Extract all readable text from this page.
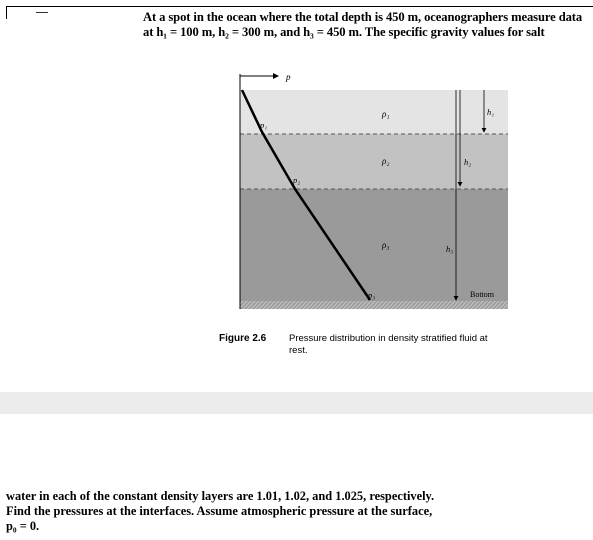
At a spot in the ocean where the total depth is 450 m, oceanographers measure data
at h₁ = 100 m, h₂ = 300 m, and h₃ = 450 m. The specific gravity values for salt
p
p₁
p₂
p₃
ρ₁
ρ₂
ρ₃
h₁
h₂
h₃
Bottom
Figure 2.6	Pressure distribution in density stratified fluid at
rest.
water in each of the constant density layers are 1.01, 1.02, and 1.025, respectively.
Find the pressures at the interfaces. Assume atmospheric pressure at the surface,
p₀ = 0.
